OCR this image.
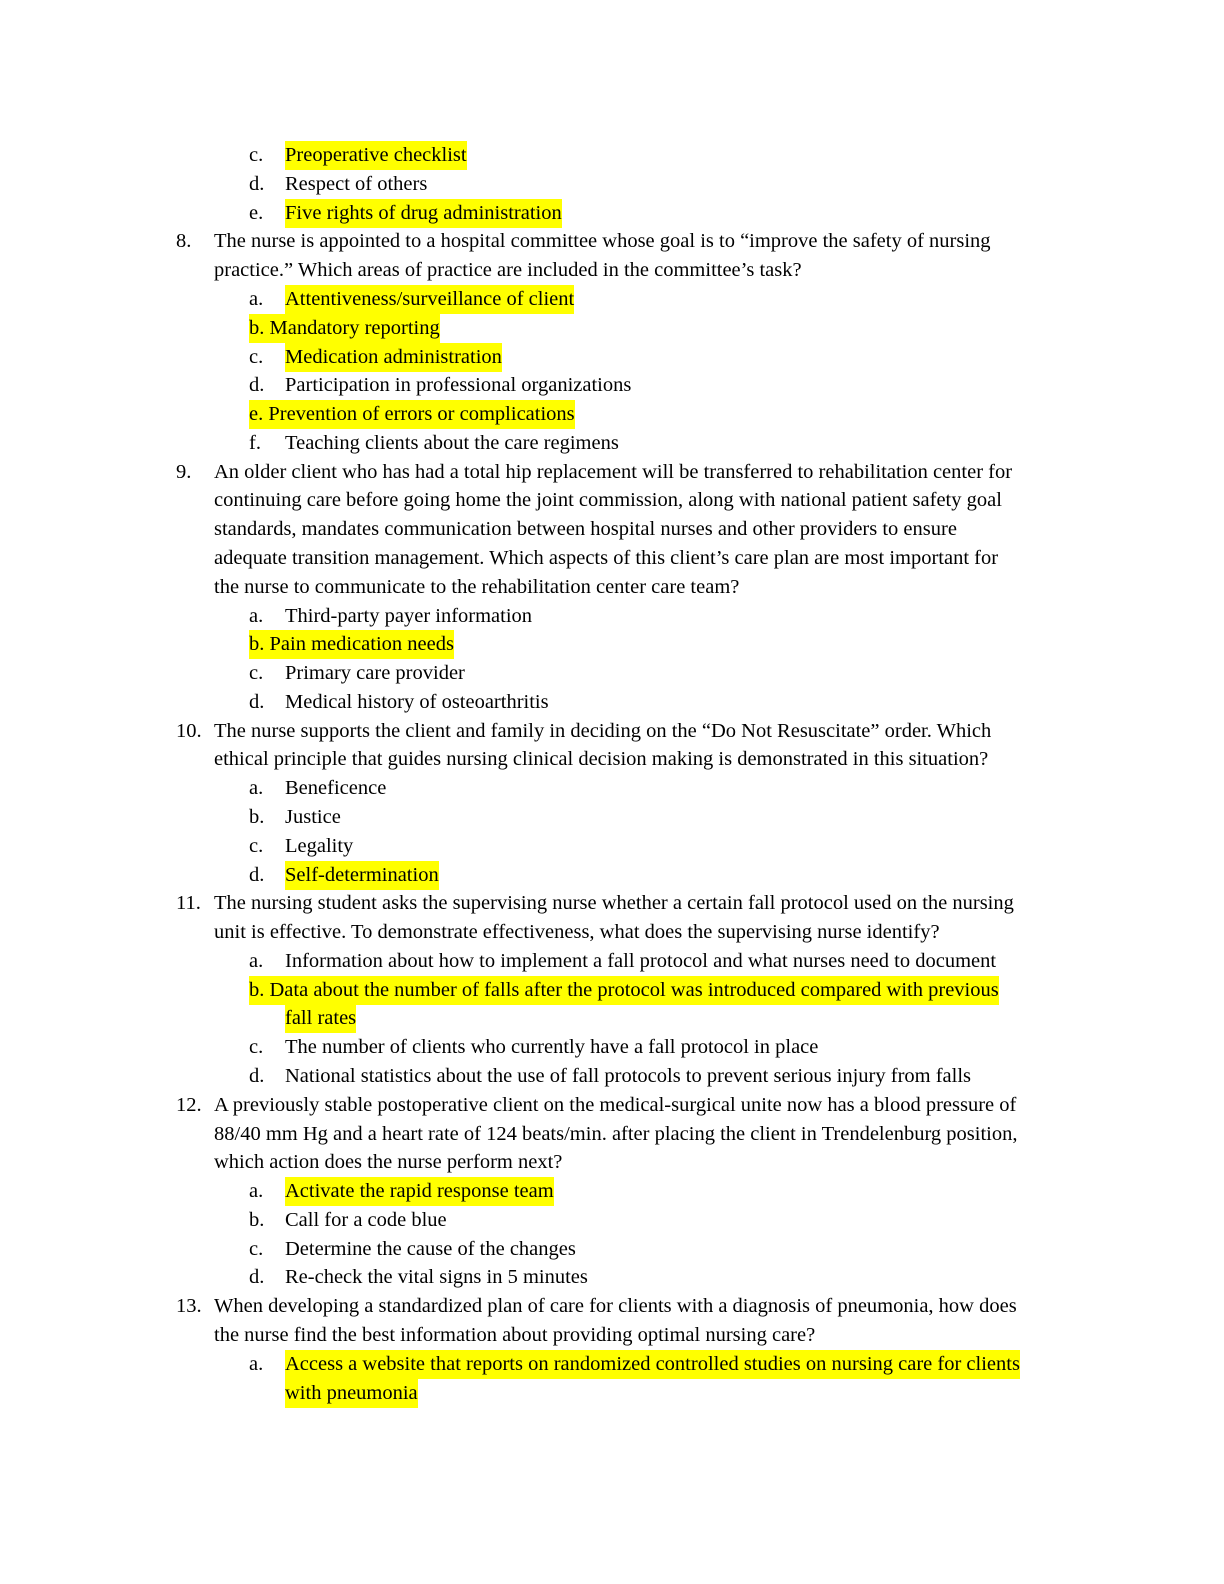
c.	Preoperative checklist
d.	Respect of others
e.	Five rights of drug administration
8.	The nurse is appointed to a hospital committee whose goal is to “improve the safety of nursing
practice.” Which areas of practice are included in the committee’s task?
a.	Attentiveness/surveillance of client
b. Mandatory reporting
c.	Medication administration
d.	Participation in professional organizations
e. Prevention of errors or complications
f.	Teaching clients about the care regimens
9.	An older client who has had a total hip replacement will be transferred to rehabilitation center for
continuing care before going home the joint commission, along with national patient safety goal
standards, mandates communication between hospital nurses and other providers to ensure
adequate transition management. Which aspects of this client’s care plan are most important for
the nurse to communicate to the rehabilitation center care team?
a.	Third-party payer information
b. Pain medication needs
c.	Primary care provider
d.	Medical history of osteoarthritis
10. The nurse supports the client and family in deciding on the “Do Not Resuscitate” order. Which
ethical principle that guides nursing clinical decision making is demonstrated in this situation?
a.	Beneficence
b.	Justice
c.	Legality
d.	Self-determination
11. The nursing student asks the supervising nurse whether a certain fall protocol used on the nursing
unit is effective. To demonstrate effectiveness, what does the supervising nurse identify?
a.	Information about how to implement a fall protocol and what nurses need to document
b. Data about the number of falls after the protocol was introduced compared with previous
fall rates
c.	The number of clients who currently have a fall protocol in place
d.	National statistics about the use of fall protocols to prevent serious injury from falls
12. A previously stable postoperative client on the medical-surgical unite now has a blood pressure of
88/40 mm Hg and a heart rate of 124 beats/min. after placing the client in Trendelenburg position,
which action does the nurse perform next?
a.	Activate the rapid response team
b.	Call for a code blue
c.	Determine the cause of the changes
d.	Re-check the vital signs in 5 minutes
13. When developing a standardized plan of care for clients with a diagnosis of pneumonia, how does
the nurse find the best information about providing optimal nursing care?
a.	Access a website that reports on randomized controlled studies on nursing care for clients
with pneumonia
